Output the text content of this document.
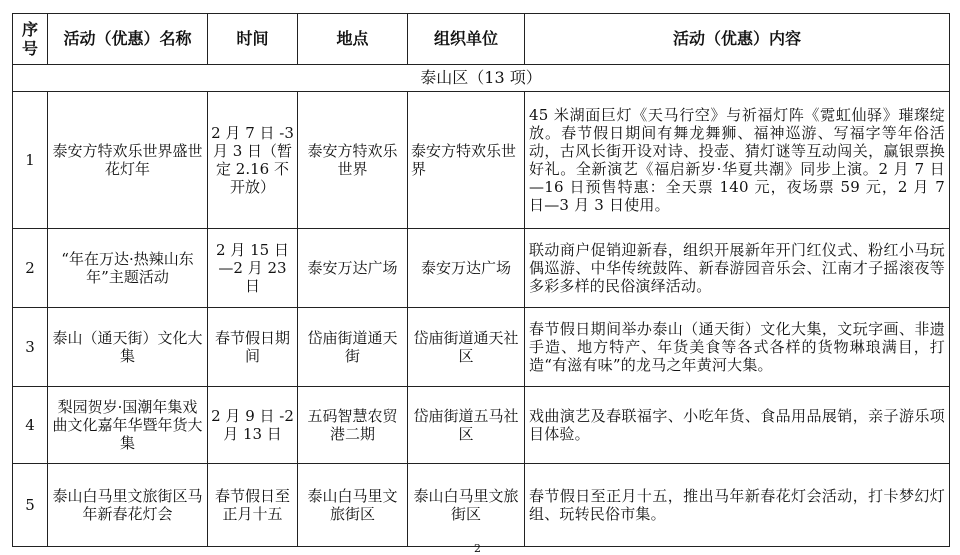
序号	活动（优惠）名称	时间	地点	组织单位	活动（优惠）内容
泰山区（13 项）					
1	泰安方特欢乐世界盛世花灯年	2 月 7 日 -3 月 3 日（暂定 2.16 不开放）	泰安方特欢乐世界	泰安方特欢乐世界	45 米湖面巨灯《天马行空》与祈福灯阵《霓虹仙驿》璀璨绽放。春节假日期间有舞龙舞狮、福神巡游、写福字等年俗活动，古风长街开设对诗、投壶、猜灯谜等互动闯关，赢银票换好礼。全新演艺《福启新岁·华夏共潮》同步上演。2 月 7 日—16 日预售特惠：全天票 140 元，夜场票 59 元，2 月 7 日—3 月 3 日使用。
2	“年在万达·热辣山东年”主题活动	2 月 15 日—2 月 23 日	泰安万达广场	泰安万达广场	联动商户促销迎新春，组织开展新年开门红仪式、粉红小马玩偶巡游、中华传统鼓阵、新春游园音乐会、江南才子摇滚夜等多彩多样的民俗演绎活动。
3	泰山（通天街）文化大集	春节假日期间	岱庙街道通天街	岱庙街道通天社区	春节假日期间举办泰山（通天街）文化大集，文玩字画、非遗手造、地方特产、年货美食等各式各样的货物琳琅满目，打造“有滋有味”的龙马之年黄河大集。
4	梨园贺岁·国潮年集戏曲文化嘉年华暨年货大集	2 月 9 日 -2 月 13 日	五码智慧农贸港二期	岱庙街道五马社区	戏曲演艺及春联福字、小吃年货、食品用品展销，亲子游乐项目体验。
5	泰山白马里文旅街区马年新春花灯会	春节假日至正月十五	泰山白马里文旅街区	泰山白马里文旅街区	春节假日至正月十五，推出马年新春花灯会活动，打卡梦幻灯组、玩转民俗市集。
2
